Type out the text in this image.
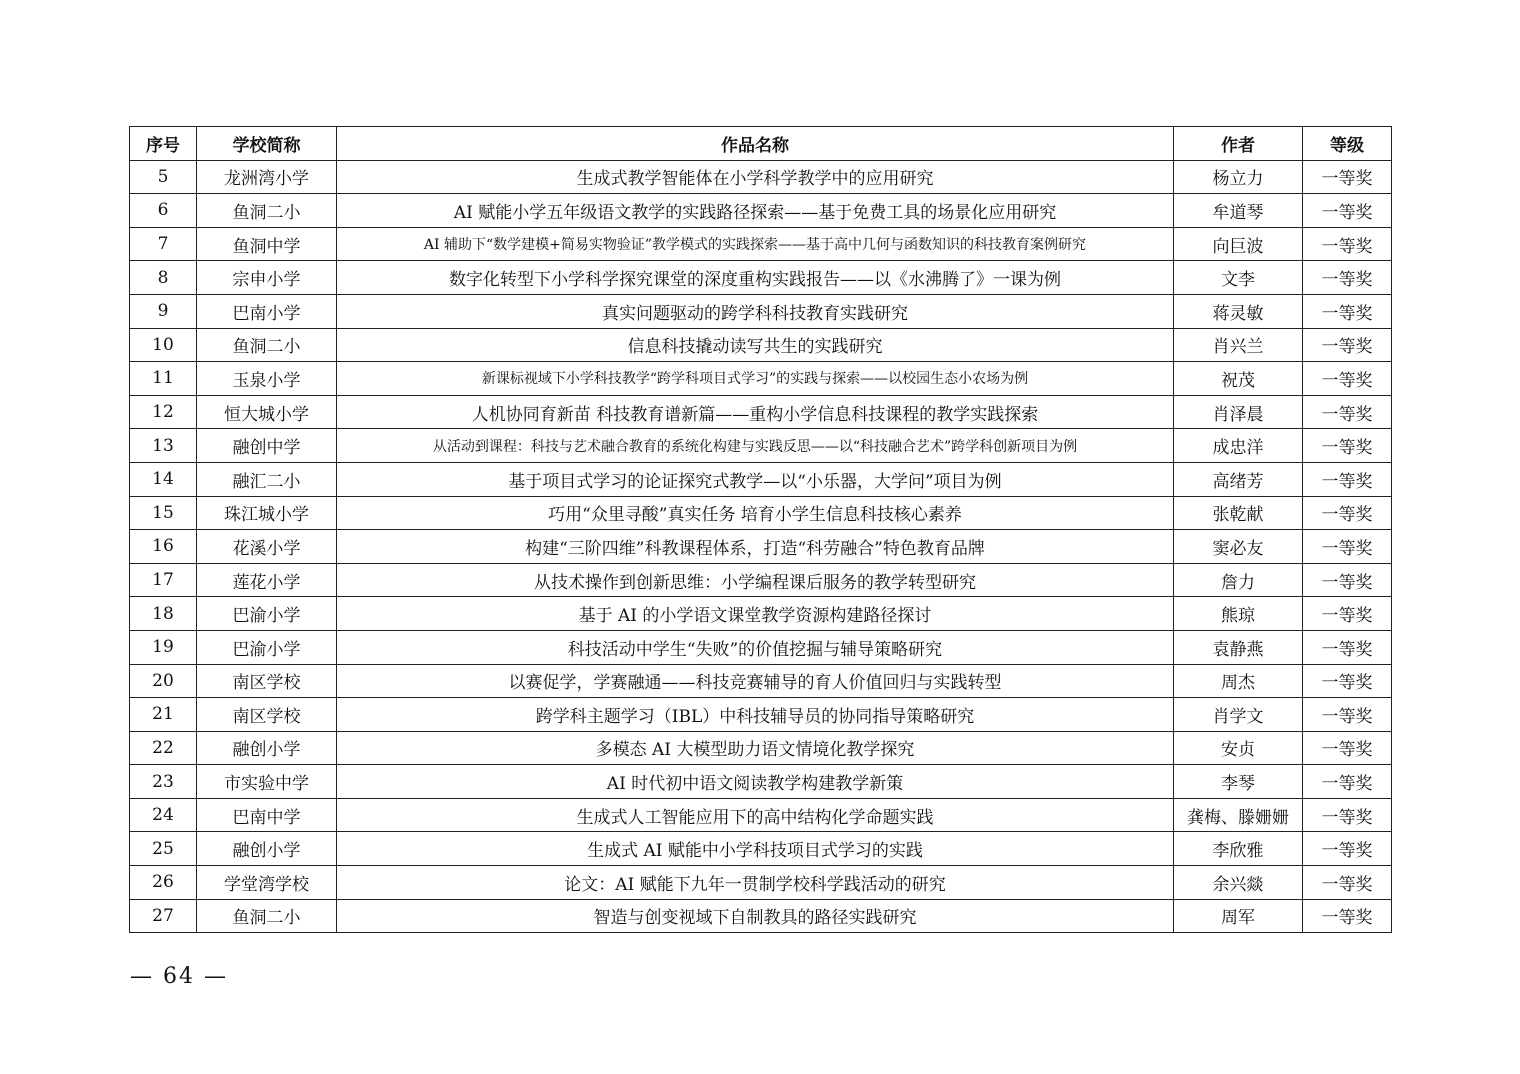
序号	学校简称	作品名称	作者	等级
5	龙洲湾小学	生成式教学智能体在小学科学教学中的应用研究	杨立力	一等奖
6	鱼洞二小	AI 赋能小学五年级语文教学的实践路径探索——基于免费工具的场景化应用研究	牟道琴	一等奖
7	鱼洞中学	AI 辅助下“数学建模+简易实物验证”教学模式的实践探索——基于高中几何与函数知识的科技教育案例研究	向巨波	一等奖
8	宗申小学	数字化转型下小学科学探究课堂的深度重构实践报告——以《水沸腾了》一课为例	文李	一等奖
9	巴南小学	真实问题驱动的跨学科科技教育实践研究	蒋灵敏	一等奖
10	鱼洞二小	信息科技撬动读写共生的实践研究	肖兴兰	一等奖
11	玉泉小学	新课标视域下小学科技教学“跨学科项目式学习”的实践与探索——以校园生态小农场为例	祝茂	一等奖
12	恒大城小学	人机协同育新苗 科技教育谱新篇——重构小学信息科技课程的教学实践探索	肖泽晨	一等奖
13	融创中学	从活动到课程：科技与艺术融合教育的系统化构建与实践反思——以“科技融合艺术”跨学科创新项目为例	成忠洋	一等奖
14	融汇二小	基于项目式学习的论证探究式教学—以“小乐器，大学问”项目为例	高绪芳	一等奖
15	珠江城小学	巧用“众里寻酸”真实任务 培育小学生信息科技核心素养	张乾献	一等奖
16	花溪小学	构建“三阶四维”科教课程体系，打造“科劳融合”特色教育品牌	窦必友	一等奖
17	莲花小学	从技术操作到创新思维：小学编程课后服务的教学转型研究	詹力	一等奖
18	巴渝小学	基于 AI 的小学语文课堂教学资源构建路径探讨	熊琼	一等奖
19	巴渝小学	科技活动中学生“失败”的价值挖掘与辅导策略研究	袁静燕	一等奖
20	南区学校	以赛促学，学赛融通——科技竞赛辅导的育人价值回归与实践转型	周杰	一等奖
21	南区学校	跨学科主题学习（IBL）中科技辅导员的协同指导策略研究	肖学文	一等奖
22	融创小学	多模态 AI 大模型助力语文情境化教学探究	安贞	一等奖
23	市实验中学	AI 时代初中语文阅读教学构建教学新策	李琴	一等奖
24	巴南中学	生成式人工智能应用下的高中结构化学命题实践	龚梅、滕姗姗	一等奖
25	融创小学	生成式 AI 赋能中小学科技项目式学习的实践	李欣雅	一等奖
26	学堂湾学校	论文：AI 赋能下九年一贯制学校科学践活动的研究	余兴燚	一等奖
27	鱼洞二小	智造与创变视域下自制教具的路径实践研究	周军	一等奖
— 64 —
